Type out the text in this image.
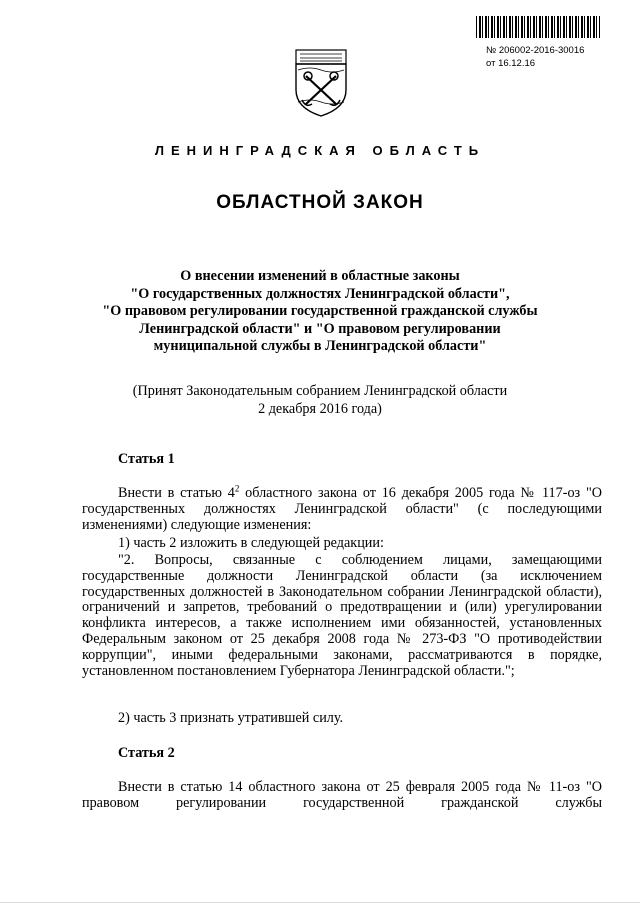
№ 206002-2016-30016
от 16.12.16
ЛЕНИНГРАДСКАЯ ОБЛАСТЬ
ОБЛАСТНОЙ ЗАКОН
О внесении изменений в областные законы
"О государственных должностях Ленинградской области",
"О правовом регулировании государственной гражданской службы
Ленинградской области" и "О правовом регулировании
муниципальной службы в Ленинградской области"
(Принят Законодательным собранием Ленинградской области
2 декабря 2016 года)
Статья 1
Внести в статью $4^2$ областного закона от 16 декабря 2005 года № 117-оз "О государственных должностях Ленинградской области" (с последующими изменениями) следующие изменения:
1) часть 2 изложить в следующей редакции:
"2. Вопросы, связанные с соблюдением лицами, замещающими государственные должности Ленинградской области (за исключением государственных должностей в Законодательном собрании Ленинградской области), ограничений и запретов, требований о предотвращении и (или) урегулировании конфликта интересов, а также исполнением ими обязанностей, установленных Федеральным законом от 25 декабря 2008 года № 273-ФЗ "О противодействии коррупции", иными федеральными законами, рассматриваются в порядке, установленном постановлением Губернатора Ленинградской области.";
2) часть 3 признать утратившей силу.
Статья 2
Внести в статью 14 областного закона от 25 февраля 2005 года № 11-оз "О правовом регулировании государственной гражданской службы
